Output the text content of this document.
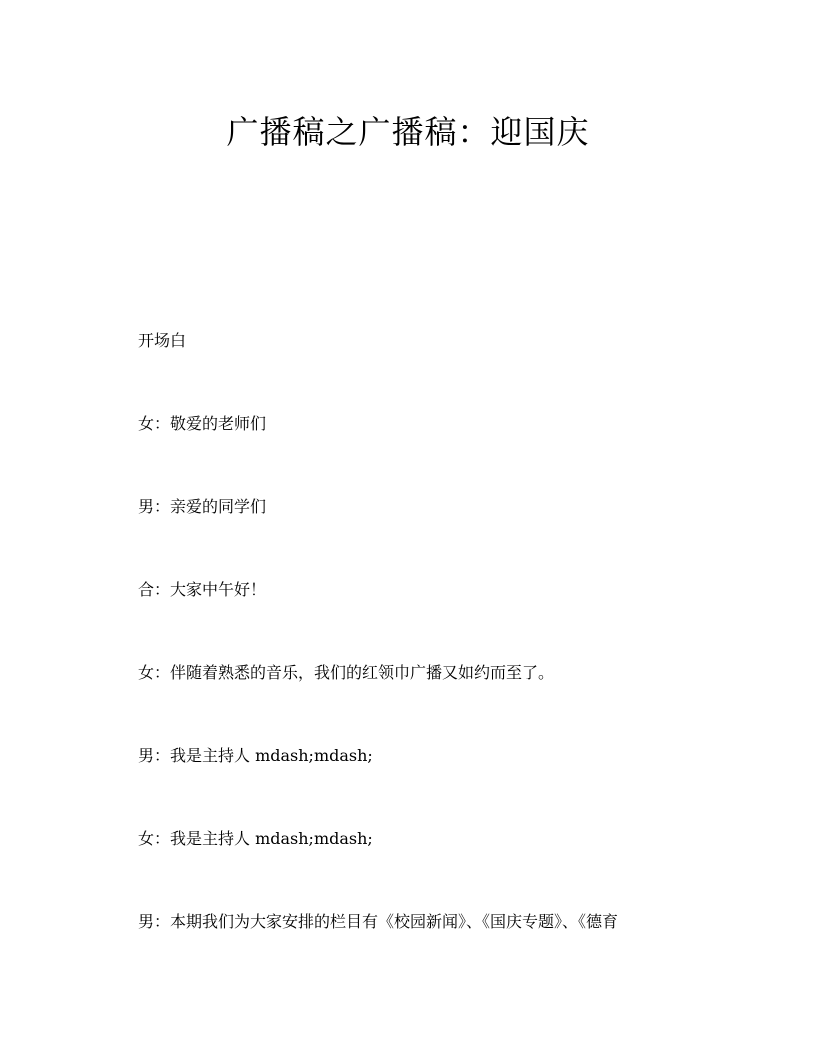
广播稿之广播稿：迎国庆

开场白

女：敬爱的老师们

男：亲爱的同学们

合：大家中午好！

女：伴随着熟悉的音乐，我们的红领巾广播又如约而至了。

男：我是主持人 mdash;mdash;

女：我是主持人 mdash;mdash;

男：本期我们为大家安排的栏目有《校园新闻》、《国庆专题》、《德育
